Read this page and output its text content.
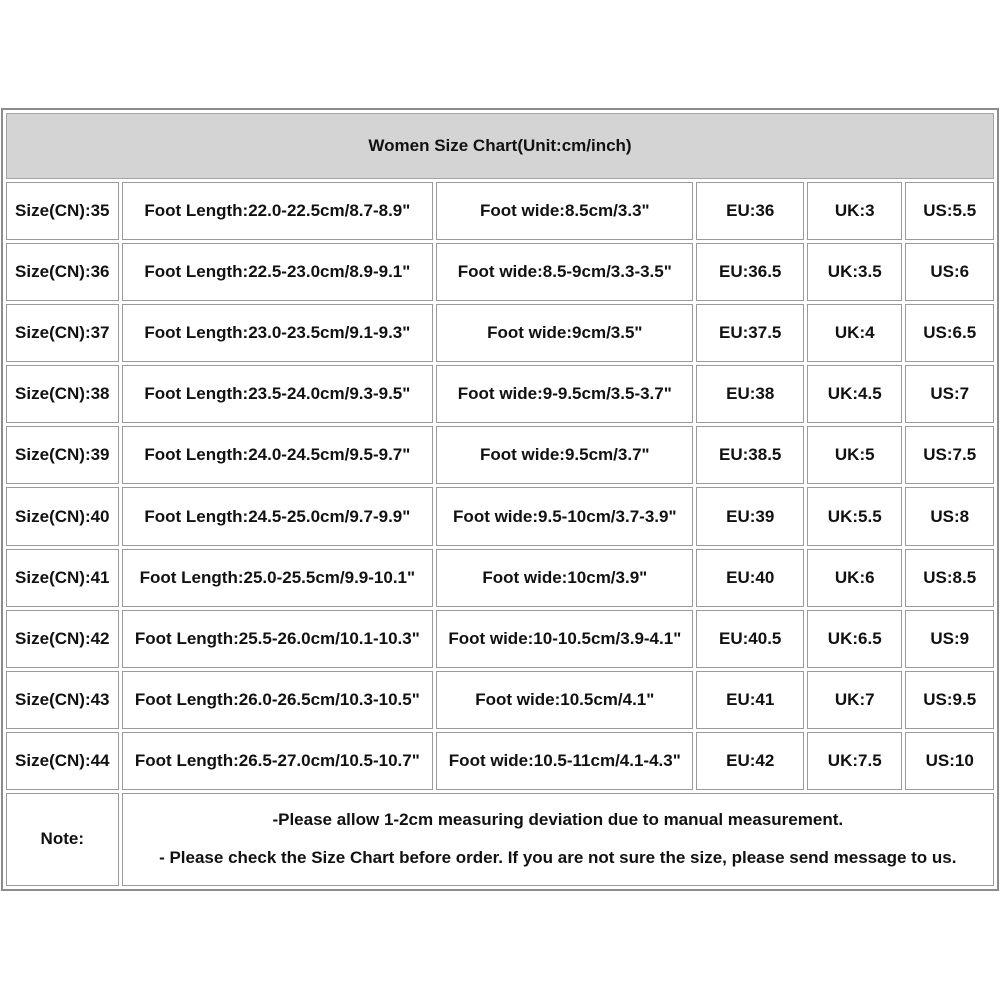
Women Size Chart(Unit:cm/inch)					
Size(CN):35	Foot Length:22.0-22.5cm/8.7-8.9"	Foot wide:8.5cm/3.3"	EU:36	UK:3	US:5.5
Size(CN):36	Foot Length:22.5-23.0cm/8.9-9.1"	Foot wide:8.5-9cm/3.3-3.5"	EU:36.5	UK:3.5	US:6
Size(CN):37	Foot Length:23.0-23.5cm/9.1-9.3"	Foot wide:9cm/3.5"	EU:37.5	UK:4	US:6.5
Size(CN):38	Foot Length:23.5-24.0cm/9.3-9.5"	Foot wide:9-9.5cm/3.5-3.7"	EU:38	UK:4.5	US:7
Size(CN):39	Foot Length:24.0-24.5cm/9.5-9.7"	Foot wide:9.5cm/3.7"	EU:38.5	UK:5	US:7.5
Size(CN):40	Foot Length:24.5-25.0cm/9.7-9.9"	Foot wide:9.5-10cm/3.7-3.9"	EU:39	UK:5.5	US:8
Size(CN):41	Foot Length:25.0-25.5cm/9.9-10.1"	Foot wide:10cm/3.9"	EU:40	UK:6	US:8.5
Size(CN):42	Foot Length:25.5-26.0cm/10.1-10.3"	Foot wide:10-10.5cm/3.9-4.1"	EU:40.5	UK:6.5	US:9
Size(CN):43	Foot Length:26.0-26.5cm/10.3-10.5"	Foot wide:10.5cm/4.1"	EU:41	UK:7	US:9.5
Size(CN):44	Foot Length:26.5-27.0cm/10.5-10.7"	Foot wide:10.5-11cm/4.1-4.3"	EU:42	UK:7.5	US:10
Note:	-Please allow 1-2cm measuring deviation due to manual measurement.
- Please check the Size Chart before order. If you are not sure the size, please send message to us.				
